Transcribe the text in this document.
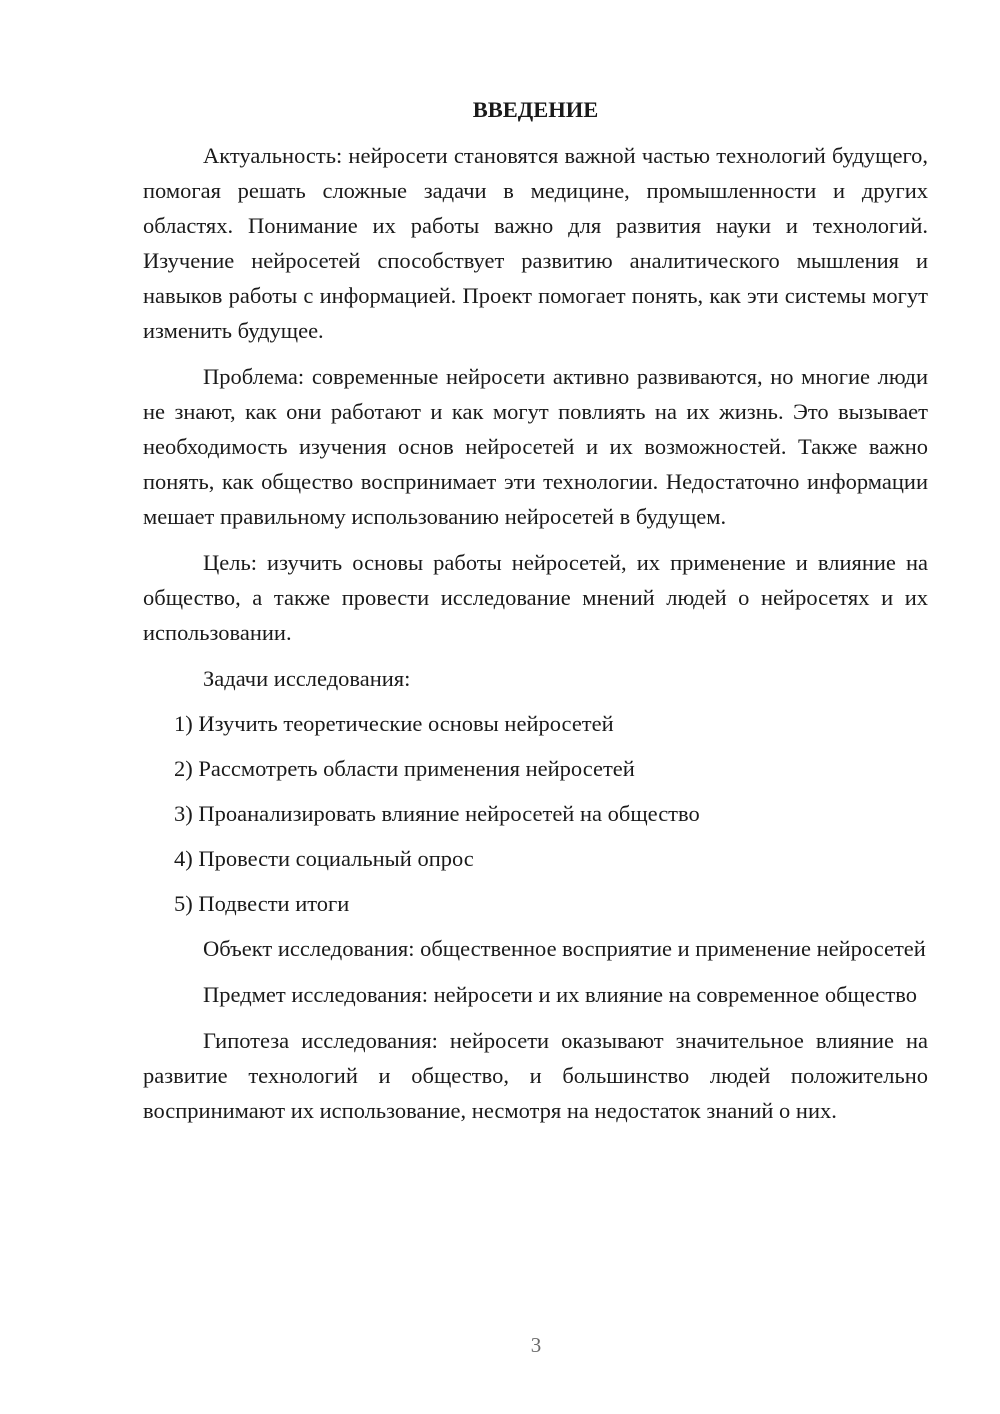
ВВЕДЕНИЕ

Актуальность: нейросети становятся важной частью технологий будущего, помогая решать сложные задачи в медицине, промышленности и других областях. Понимание их работы важно для развития науки и технологий. Изучение нейросетей способствует развитию аналитического мышления и навыков работы с информацией. Проект помогает понять, как эти системы могут изменить будущее.

Проблема: современные нейросети активно развиваются, но многие люди не знают, как они работают и как могут повлиять на их жизнь. Это вызывает необходимость изучения основ нейросетей и их возможностей. Также важно понять, как общество воспринимает эти технологии. Недостаточно информации мешает правильному использованию нейросетей в будущем.

Цель: изучить основы работы нейросетей, их применение и влияние на общество, а также провести исследование мнений людей о нейросетях и их использовании.

Задачи исследования:
1) Изучить теоретические основы нейросетей
2) Рассмотреть области применения нейросетей
3) Проанализировать влияние нейросетей на общество
4) Провести социальный опрос
5) Подвести итоги

Объект исследования: общественное восприятие и применение нейросетей

Предмет исследования: нейросети и их влияние на современное общество

Гипотеза исследования: нейросети оказывают значительное влияние на развитие технологий и общество, и большинство людей положительно воспринимают их использование, несмотря на недостаток знаний о них.

3
